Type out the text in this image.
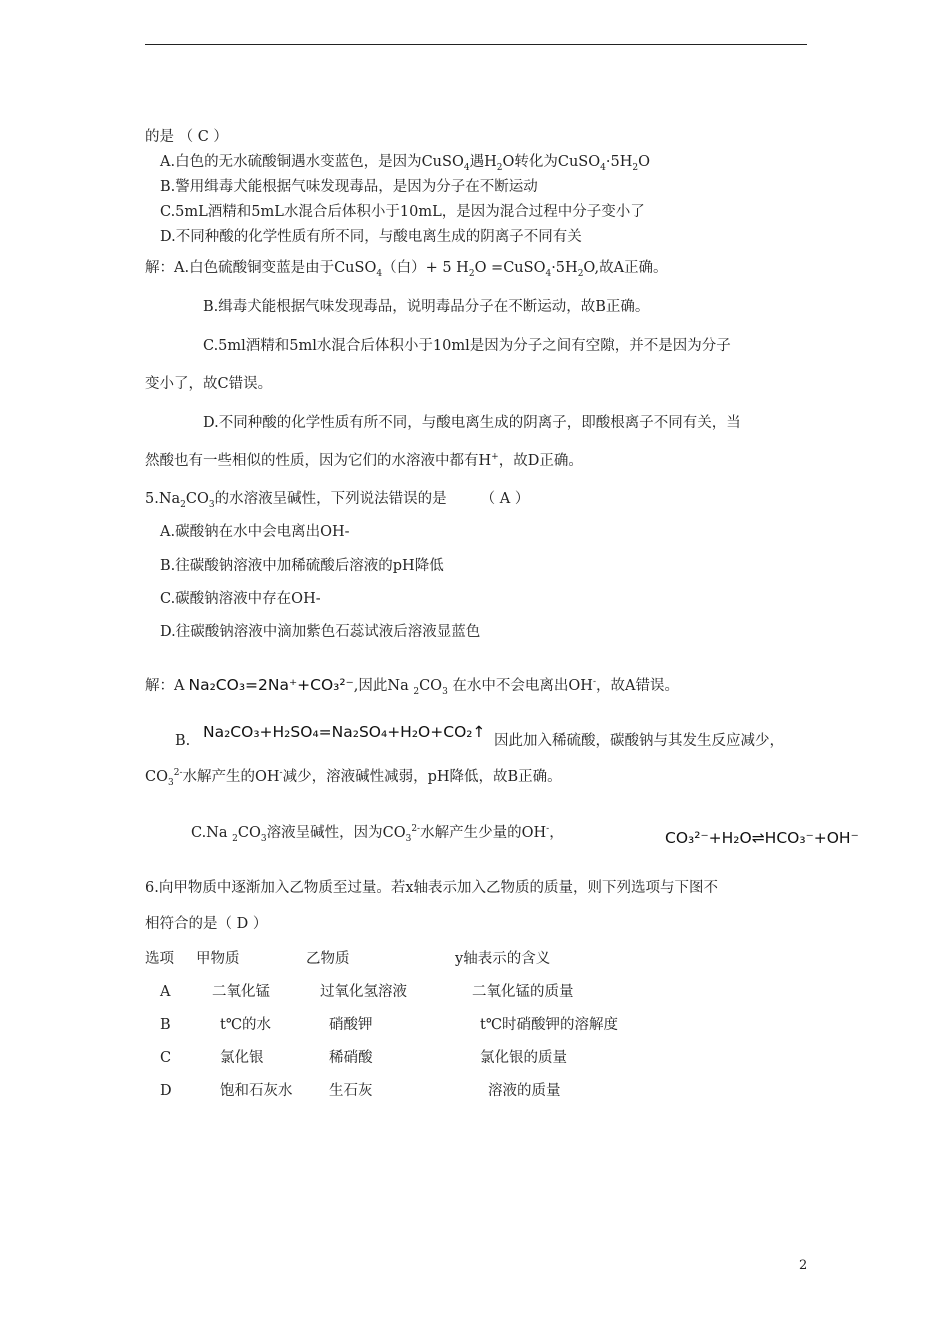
的是 （ C ）
A.白色的无水硫酸铜遇水变蓝色，是因为CuSO$_4$遇$H_2O$转化为$CuSO_4\cdot 5H_2O$
B.警用缉毒犬能根据气味发现毒品，是因为分子在不断运动
C.5mL酒精和5mL水混合后体积小于10mL，是因为混合过程中分子变小了
D.不同种酸的化学性质有所不同，与酸电离生成的阴离子不同有关
解：A.白色硫酸铜变蓝是由于CuSO$_4$（白）+ 5 $H_2O$ $=CuSO_4\cdot 5H_2O$,故A正确。
B.缉毒犬能根据气味发现毒品，说明毒品分子在不断运动，故B正确。
C.5ml酒精和5ml水混合后体积小于10ml是因为分子之间有空隙，并不是因为分子
变小了，故C错误。
D.不同种酸的化学性质有所不同，与酸电离生成的阴离子，即酸根离子不同有关，当
然酸也有一些相似的性质，因为它们的水溶液中都有H+，故D正确。
$5.Na_2CO_3$的水溶液呈碱性，下列说法错误的是 （ A ）
A.碳酸钠在水中会电离出OH-
B.往碳酸钠溶液中加稀硫酸后溶液的pH降低
C.碳酸钠溶液中存在OH-
D.往碳酸钠溶液中滴加紫色石蕊试液后溶液显蓝色
解：A Na₂CO₃=2Na⁺+CO₃²⁻,因此Na $_2CO_3$ 在水中不会电离出OH-，故A错误。
B. Na₂CO₃+H₂SO₄=Na₂SO₄+H₂O+CO₂↑ 因此加入稀硫酸，碳酸钠与其发生反应减少，
$CO_3^{2-}$水解产生的OH-减少，溶液碱性减弱，pH降低，故B正确。
C.Na $_2CO_3$溶液呈碱性，因为$CO_3^{2-}$水解产生少量的OH-，	CO₃²⁻+H₂O⇌HCO₃⁻+OH⁻
6.向甲物质中逐渐加入乙物质至过量。若x轴表示加入乙物质的质量，则下列选项与下图不
相符合的是（ D ）
选项 甲物质	乙物质	y轴表示的含义
A	二氧化锰	过氧化氢溶液	二氧化锰的质量
B	t℃的水	硝酸钾	t℃时硝酸钾的溶解度
C	氯化银	稀硝酸	氯化银的质量
D	饱和石灰水	生石灰	溶液的质量
2
